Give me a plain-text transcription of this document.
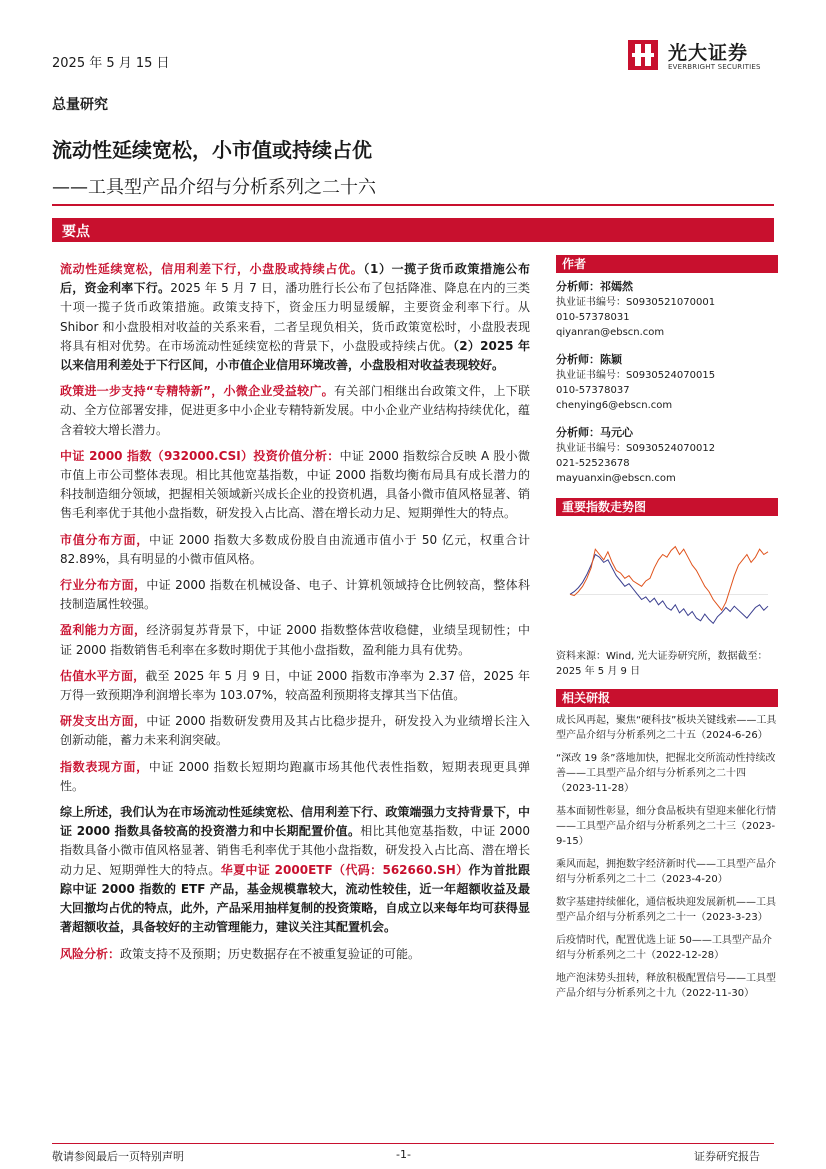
2025 年 5 月 15 日
总量研究
流动性延续宽松，小市值或持续占优
——工具型产品介绍与分析系列之二十六
光大证券
EVERBRIGHT SECURITIES
要点

流动性延续宽松，信用利差下行，小盘股或持续占优。（1）一揽子货币政策措施公布后，资金利率下行。2025 年 5 月 7 日，潘功胜行长公布了包括降准、降息在内的三类十项一揽子货币政策措施。政策支持下，资金压力明显缓解，主要资金利率下行。从 Shibor 和小盘股相对收益的关系来看，二者呈现负相关，货币政策宽松时，小盘股表现将具有相对优势。在市场流动性延续宽松的背景下，小盘股或持续占优。（2）2025 年以来信用利差处于下行区间，小市值企业信用环境改善，小盘股相对收益表现较好。

政策进一步支持“专精特新”，小微企业受益较广。有关部门相继出台政策文件，上下联动、全方位部署安排，促进更多中小企业专精特新发展。中小企业产业结构持续优化，蕴含着较大增长潜力。

中证 2000 指数（932000.CSI）投资价值分析：中证 2000 指数综合反映 A 股小微市值上市公司整体表现。相比其他宽基指数，中证 2000 指数均衡布局具有成长潜力的科技制造细分领域，把握相关领域新兴成长企业的投资机遇，具备小微市值风格显著、销售毛利率优于其他小盘指数，研发投入占比高、潜在增长动力足、短期弹性大的特点。

市值分布方面，中证 2000 指数大多数成份股自由流通市值小于 50 亿元，权重合计 82.89%，具有明显的小微市值风格。

行业分布方面，中证 2000 指数在机械设备、电子、计算机领域持仓比例较高，整体科技制造属性较强。

盈利能力方面，经济弱复苏背景下，中证 2000 指数整体营收稳健，业绩呈现韧性；中证 2000 指数销售毛利率在多数时期优于其他小盘指数，盈利能力具有优势。

估值水平方面，截至 2025 年 5 月 9 日，中证 2000 指数市净率为 2.37 倍，2025 年万得一致预期净利润增长率为 103.07%，较高盈利预期将支撑其当下估值。

研发支出方面，中证 2000 指数研发费用及其占比稳步提升，研发投入为业绩增长注入创新动能，蓄力未来利润突破。

指数表现方面，中证 2000 指数长短期均跑赢市场其他代表性指数，短期表现更具弹性。

综上所述，我们认为在市场流动性延续宽松、信用利差下行、政策端强力支持背景下，中证 2000 指数具备较高的投资潜力和中长期配置价值。相比其他宽基指数，中证 2000 指数具备小微市值风格显著、销售毛利率优于其他小盘指数，研发投入占比高、潜在增长动力足、短期弹性大的特点。华夏中证 2000ETF（代码：562660.SH）作为首批跟踪中证 2000 指数的 ETF 产品，基金规模靠较大，流动性较佳，近一年超额收益及最大回撤均占优的特点，此外，产品采用抽样复制的投资策略，自成立以来每年均可获得显著超额收益，具备较好的主动管理能力，建议关注其配置机会。

风险分析：政策支持不及预期；历史数据存在不被重复验证的可能。

作者
分析师：祁嫣然
执业证书编号：S0930521070001
010-57378031
qiyanran@ebscn.com
分析师：陈颖
执业证书编号：S0930524070015
010-57378037
chenying6@ebscn.com
分析师：马元心
执业证书编号：S0930524070012
021-52523678
mayuanxin@ebscn.com
重要指数走势图
资料来源：Wind, 光大证券研究所，数据截至：2025 年 5 月 9 日
相关研报
成长风再起，聚焦“硬科技”板块关键线索——工具型产品介绍与分析系列之二十五（2024-6-26）
“深改 19 条”落地加快，把握北交所流动性持续改善——工具型产品介绍与分析系列之二十四（2023-11-28）
基本面韧性彰显，细分食品板块有望迎来催化行情——工具型产品介绍与分析系列之二十三（2023-9-15）
乘风而起，拥抱数字经济新时代——工具型产品介绍与分析系列之二十二（2023-4-20）
数字基建持续催化，通信板块迎发展新机——工具型产品介绍与分析系列之二十一（2023-3-23）
后疫情时代，配置优选上证 50——工具型产品介绍与分析系列之二十（2022-12-28）
地产泡沫势头扭转，释放积极配置信号——工具型产品介绍与分析系列之十九（2022-11-30）
敬请参阅最后一页特别声明	-1-	证券研究报告
